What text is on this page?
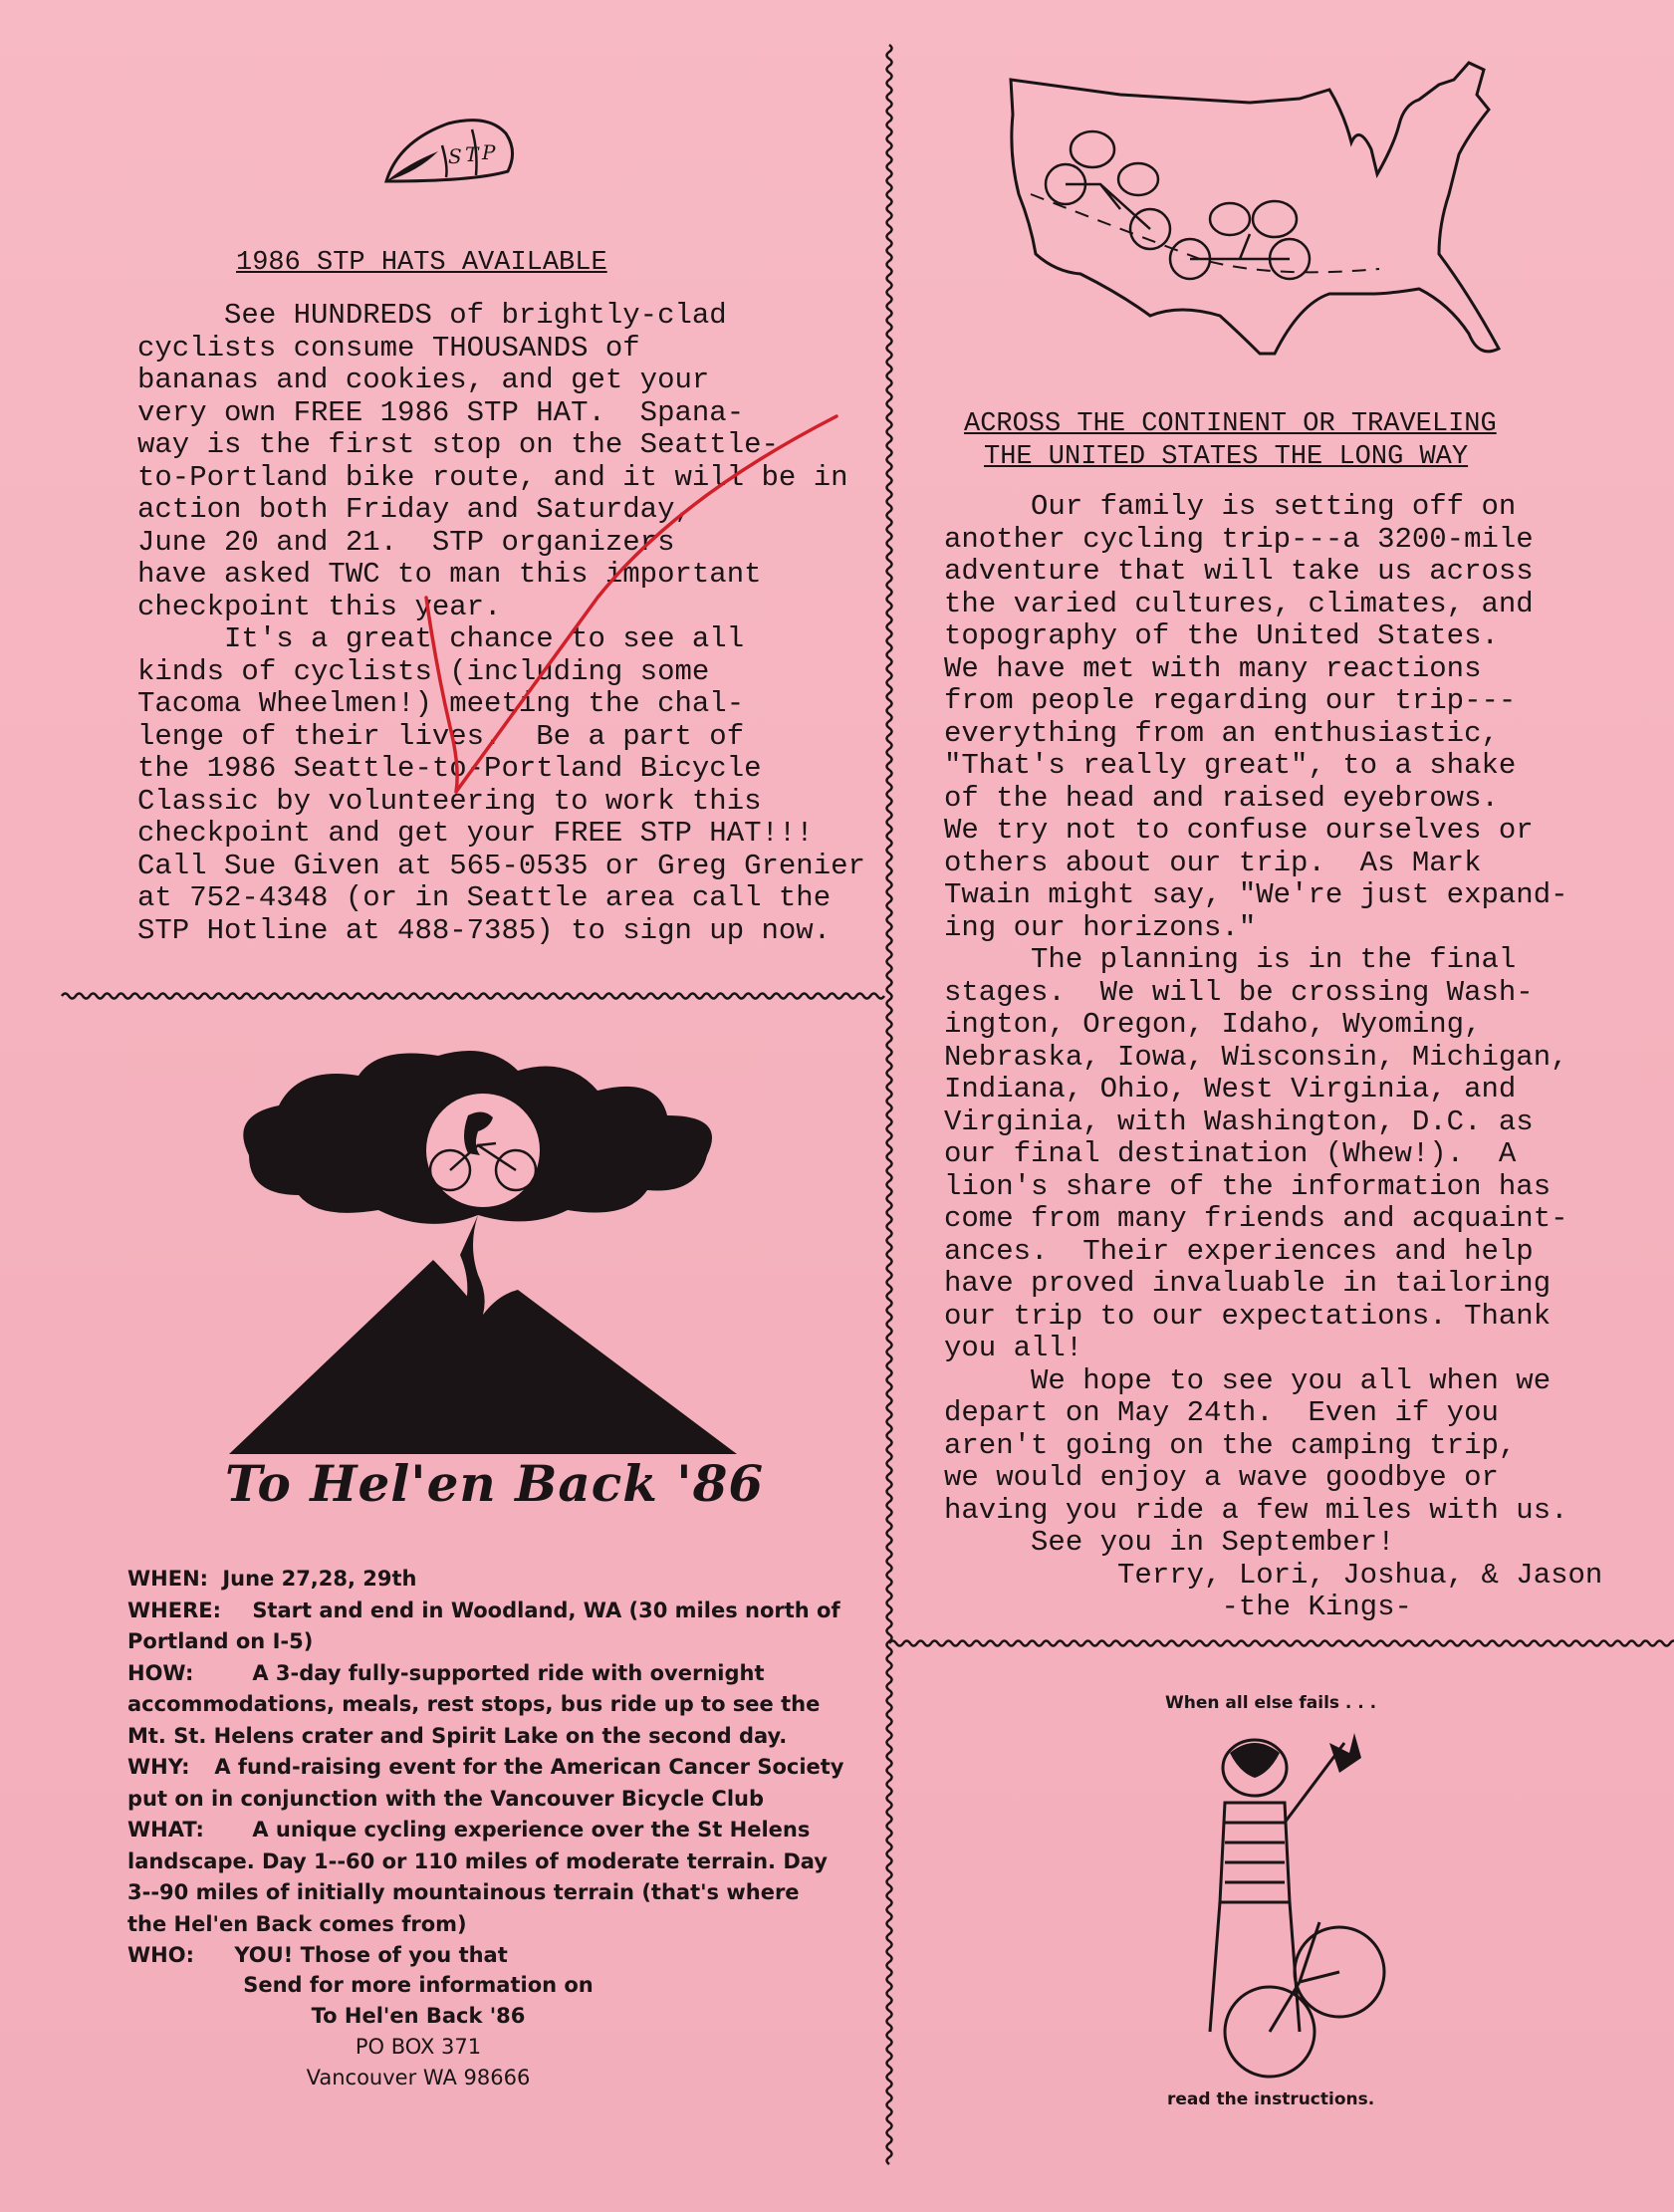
S T P
1986 STP HATS AVAILABLE
See HUNDREDS of brightly-clad
cyclists consume THOUSANDS of
bananas and cookies, and get your
very own FREE 1986 STP HAT.  Spana-
way is the first stop on the Seattle-
to-Portland bike route, and it will be in
action both Friday and Saturday,
June 20 and 21.  STP organizers
have asked TWC to man this important
checkpoint this year.
It's a great chance to see all
kinds of cyclists (including some
Tacoma Wheelmen!) meeting the chal-
lenge of their lives.  Be a part of
the 1986 Seattle-to-Portland Bicycle
Classic by volunteering to work this
checkpoint and get your FREE STP HAT!!!
Call Sue Given at 565-0535 or Greg Grenier
at 752-4348 (or in Seattle area call the
STP Hotline at 488-7385) to sign up now.
ACROSS THE CONTINENT OR TRAVELING
THE UNITED STATES THE LONG WAY
Our family is setting off on
another cycling trip---a 3200-mile
adventure that will take us across
the varied cultures, climates, and
topography of the United States.
We have met with many reactions
from people regarding our trip---
everything from an enthusiastic,
"That's really great", to a shake
of the head and raised eyebrows.
We try not to confuse ourselves or
others about our trip.  As Mark
Twain might say, "We're just expand-
ing our horizons."
The planning is in the final
stages.  We will be crossing Wash-
ington, Oregon, Idaho, Wyoming,
Nebraska, Iowa, Wisconsin, Michigan,
Indiana, Ohio, West Virginia, and
Virginia, with Washington, D.C. as
our final destination (Whew!).  A
lion's share of the information has
come from many friends and acquaint-
ances.  Their experiences and help
have proved invaluable in tailoring
our trip to our expectations. Thank
you all!
We hope to see you all when we
depart on May 24th.  Even if you
aren't going on the camping trip,
we would enjoy a wave goodbye or
having you ride a few miles with us.
See you in September!
Terry, Lori, Joshua, & Jason
-the Kings-
To Hel'en Back '86
WHEN: June 27,28, 29th
WHERE: Start and end in Woodland, WA (30 miles north of Portland on I-5)
HOW:	A 3-day fully-supported ride with overnight accommodations, meals, rest stops, bus ride up to see the Mt. St. Helens crater and Spirit Lake on the second day.
WHY: A fund-raising event for the American Cancer Society put on in conjunction with the Vancouver Bicycle Club
WHAT: A unique cycling experience over the St Helens landscape. Day 1--60 or 110 miles of moderate terrain. Day 3--90 miles of initially mountainous terrain (that's where the Hel'en Back comes from)
WHO: YOU! Those of you that
Send for more information on
To Hel'en Back '86
PO BOX 371
Vancouver WA 98666
When all else fails . . .
read the instructions.
